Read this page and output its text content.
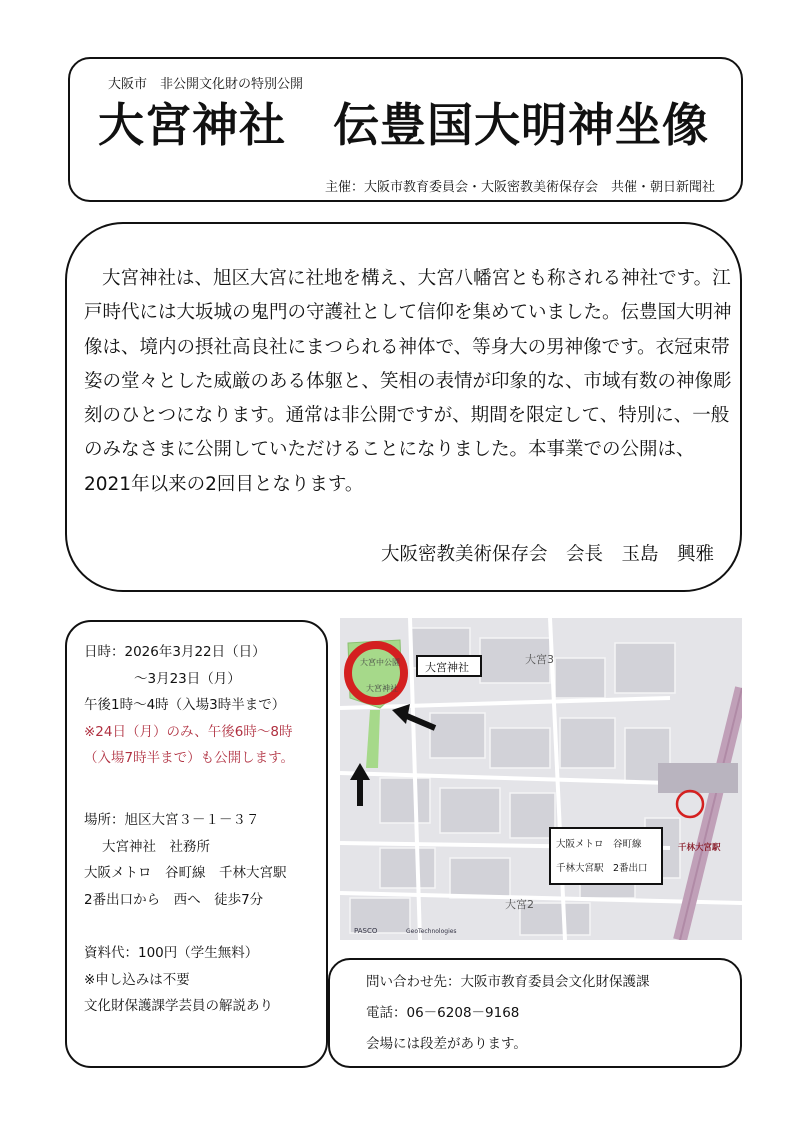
大阪市　非公開文化財の特別公開
大宮神社　伝豊国大明神坐像
主催：大阪市教育委員会・大阪密教美術保存会　共催・朝日新聞社
大宮神社は、旭区大宮に社地を構え、大宮八幡宮とも称される神社です。江戸時代には大坂城の鬼門の守護社として信仰を集めていました。伝豊国大明神像は、境内の摂社高良社にまつられる神体で、等身大の男神像です。衣冠束帯姿の堂々とした威厳のある体躯と、笑相の表情が印象的な、市域有数の神像彫刻のひとつになります。通常は非公開ですが、期間を限定して、特別に、一般のみなさまに公開していただけることになりました。本事業での公開は、2021年以来の2回目となります。
大阪密教美術保存会　会長　玉島　興雅
日時：2026年3月22日（日）
～3月23日（月）
午後1時～4時（入場3時半まで）
※24日（月）のみ、午後6時～8時
（入場7時半まで）も公開します。
場所：旭区大宮３－１－３７
大宮神社　社務所
大阪メトロ　谷町線　千林大宮駅
2番出口から　西へ　徒歩7分
資料代：100円（学生無料）
※申し込みは不要
文化財保護課学芸員の解説あり
大宮中公園
大宮神社
大宮神社
大阪メトロ　谷町線
千林大宮駅　2番出口
大宮3
大宮2
千林大宮駅
PASCO	GeoTechnologies
問い合わせ先：大阪市教育委員会文化財保護課
電話：06－6208－9168
会場には段差があります。
